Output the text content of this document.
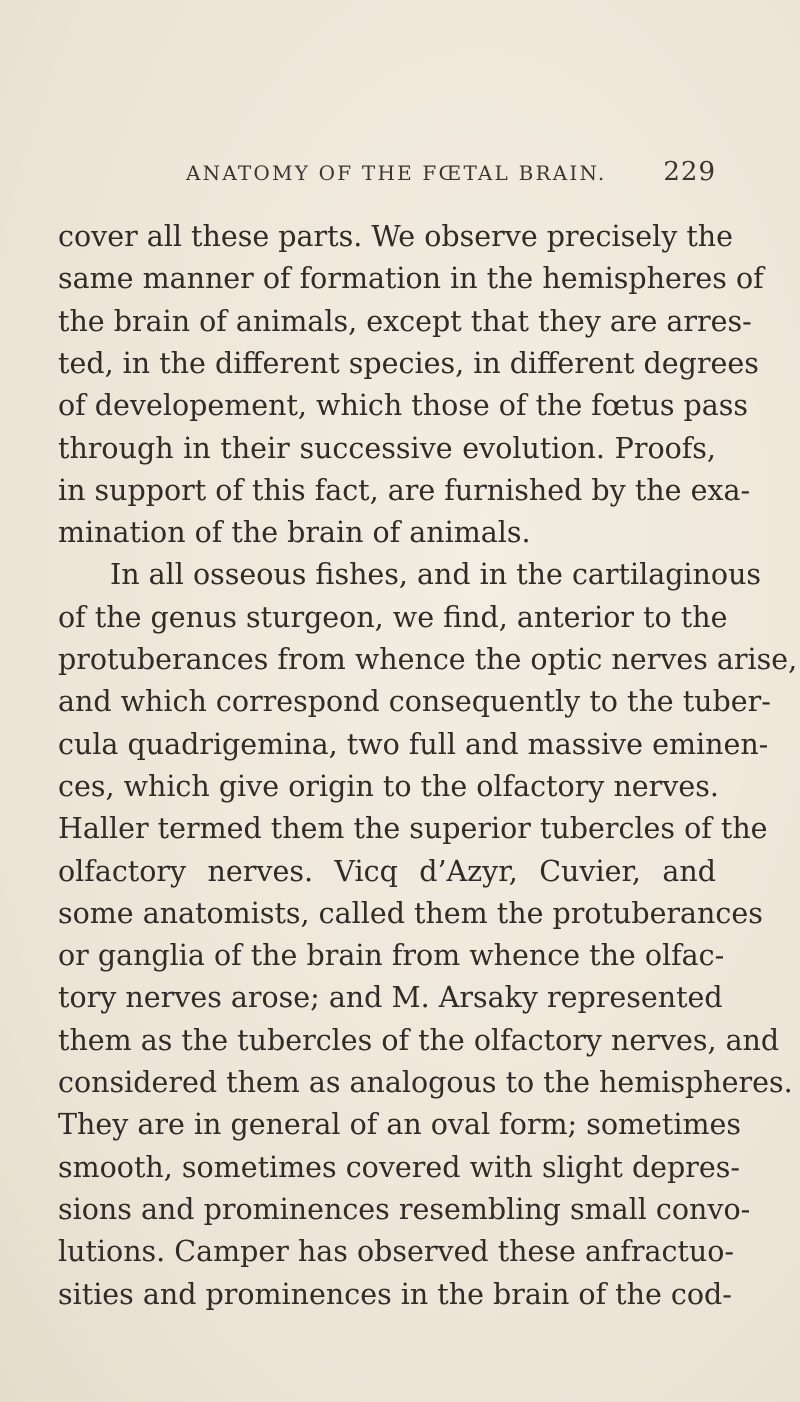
ANATOMY OF THE FŒTAL BRAIN. 229
cover all these parts. We observe precisely the
same manner of formation in the hemispheres of
the brain of animals, except that they are arres-
ted, in the different species, in different degrees
of developement, which those of the fœtus pass
through in their successive evolution. Proofs,
in support of this fact, are furnished by the exa-
mination of the brain of animals.
In all osseous fishes, and in the cartilaginous
of the genus sturgeon, we find, anterior to the
protuberances from whence the optic nerves arise,
and which correspond consequently to the tuber-
cula quadrigemina, two full and massive eminen-
ces, which give origin to the olfactory nerves.
Haller termed them the superior tubercles of the
olfactory nerves. Vicq d’Azyr, Cuvier, and
some anatomists, called them the protuberances
or ganglia of the brain from whence the olfac-
tory nerves arose; and M. Arsaky represented
them as the tubercles of the olfactory nerves, and
considered them as analogous to the hemispheres.
They are in general of an oval form; sometimes
smooth, sometimes covered with slight depres-
sions and prominences resembling small convo-
lutions. Camper has observed these anfractuo-
sities and prominences in the brain of the cod-
